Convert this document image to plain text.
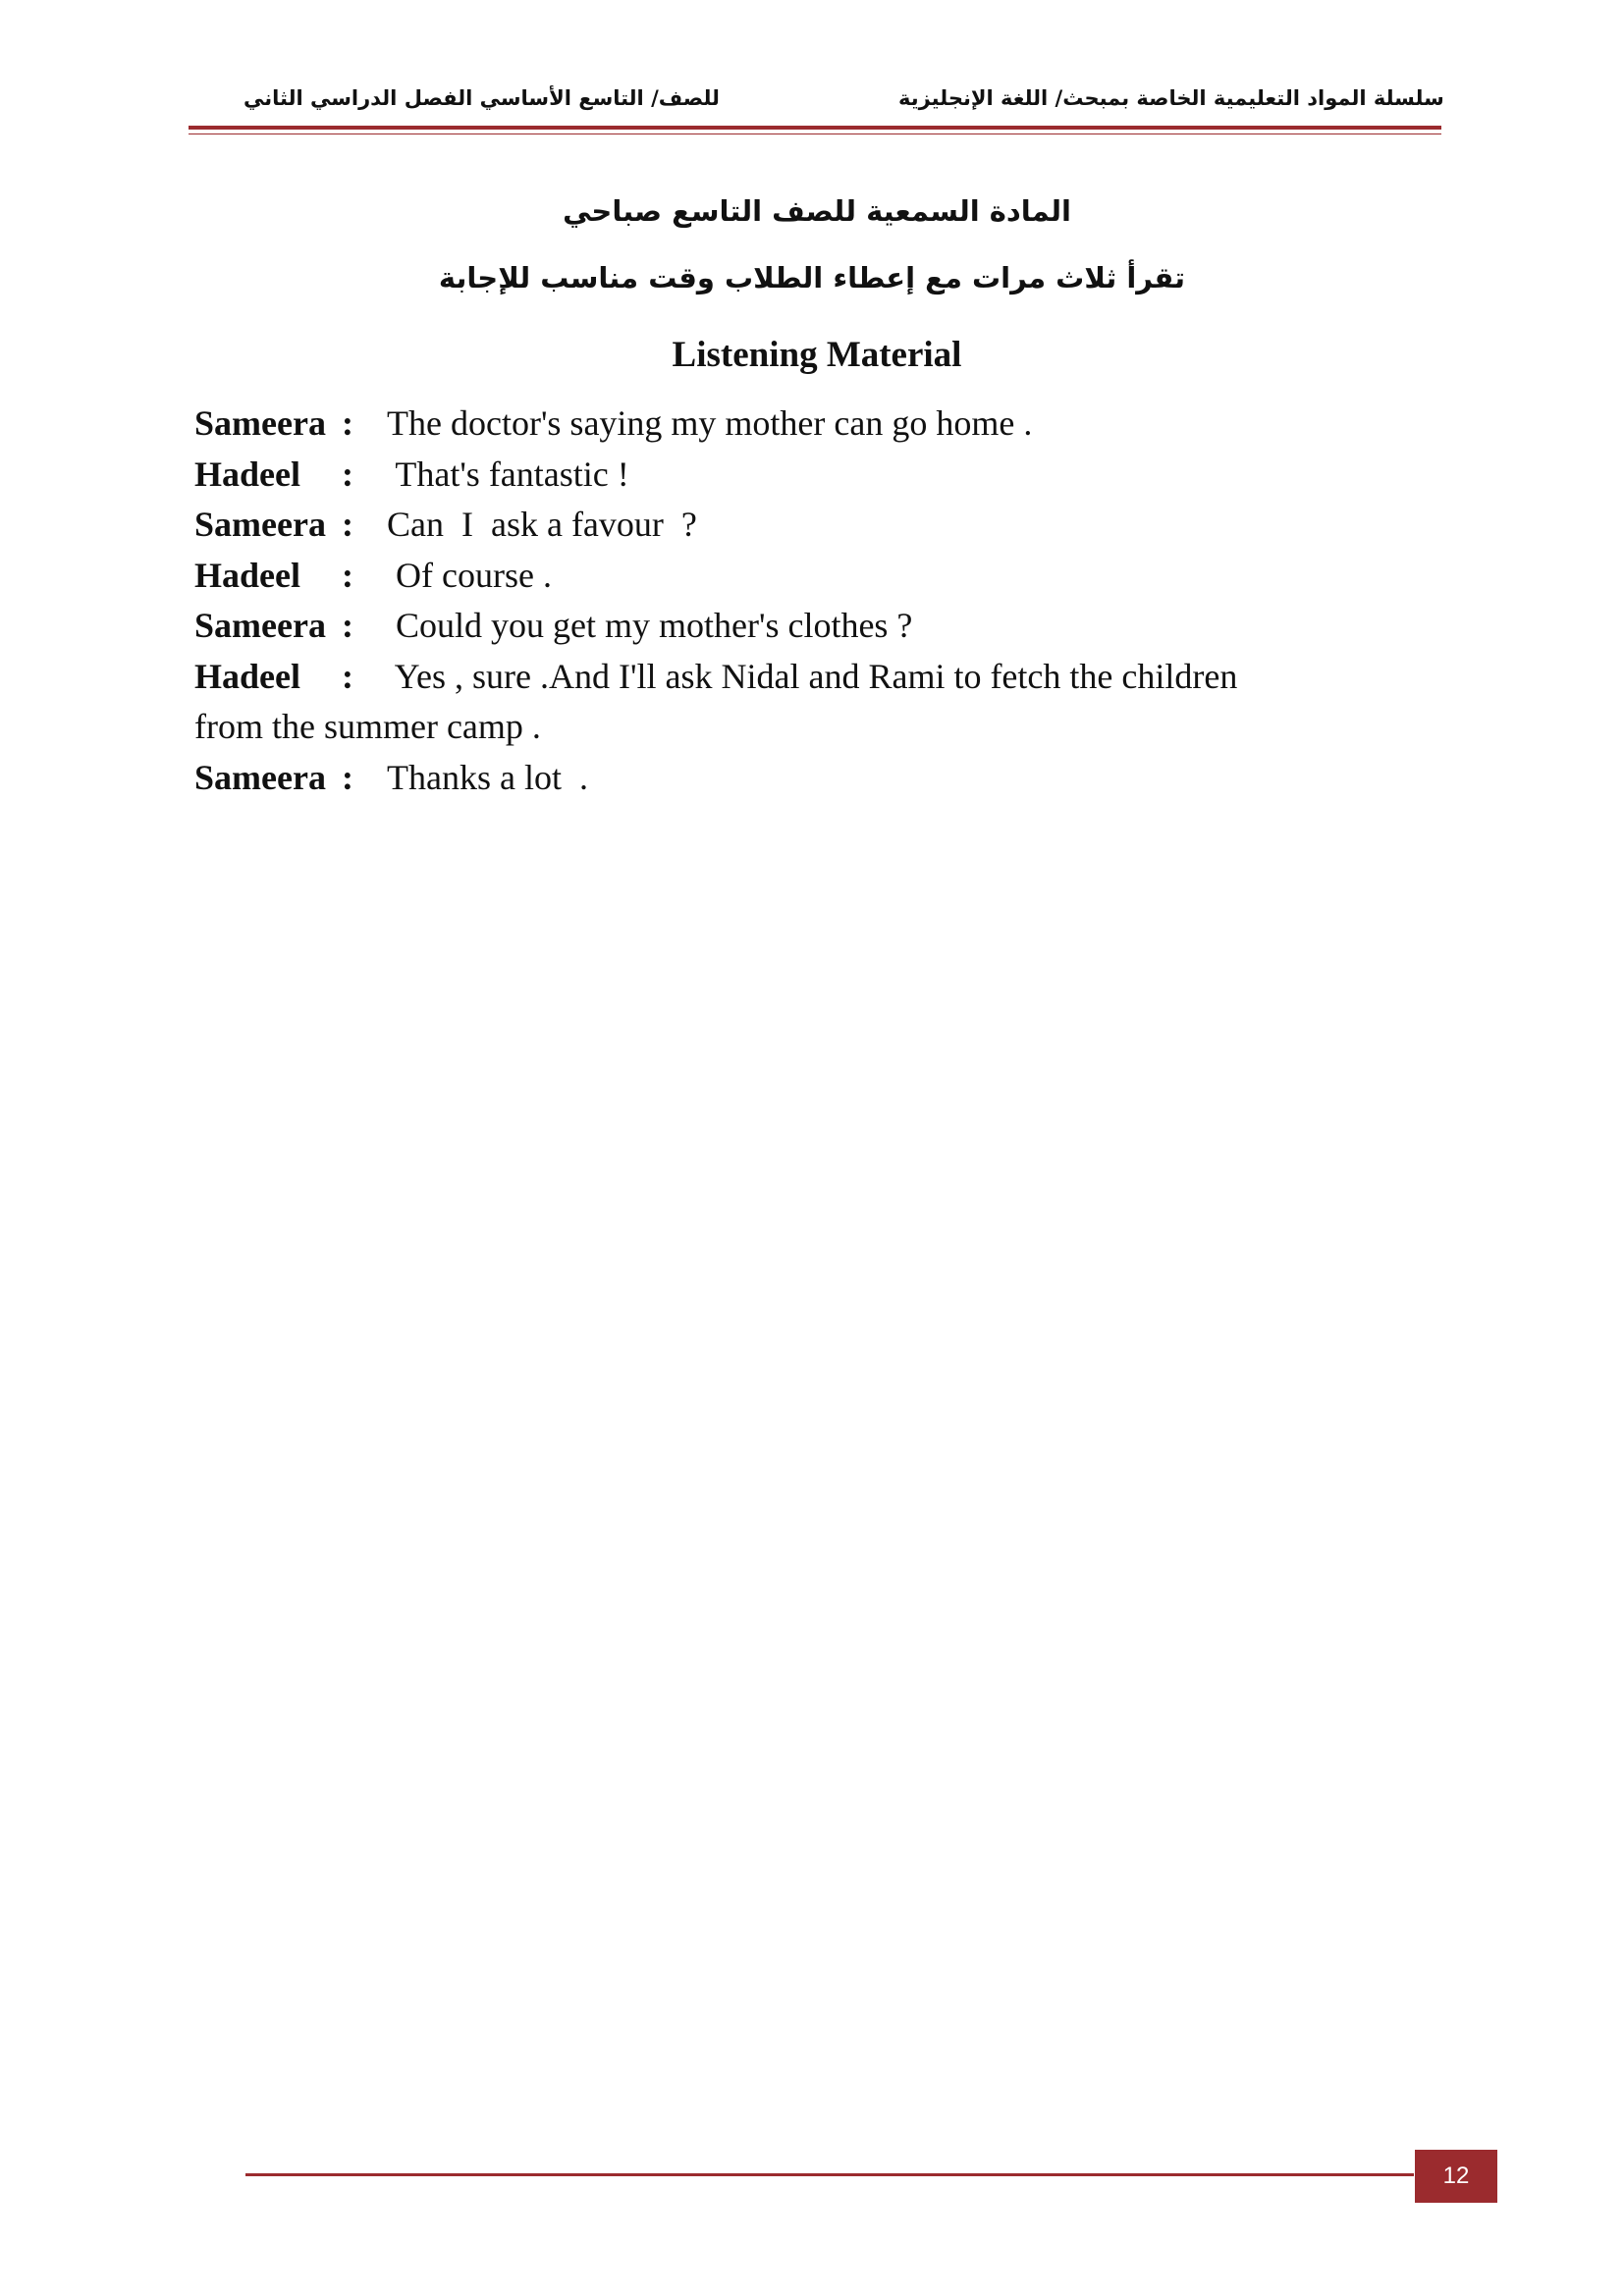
للصف/ التاسع الأساسي الفصل الدراسي الثاني	سلسلة المواد التعليمية الخاصة بمبحث/ اللغة الإنجليزية
المادة السمعية للصف التاسع صباحي
تقرأ ثلاث مرات مع إعطاء الطلاب وقت مناسب للإجابة
Listening Material
Sameera : The doctor's saying my mother can go home .
Hadeel : That's fantastic !
Sameera : Can  I  ask a favour  ?
Hadeel : Of course .
Sameera : Could you get my mother's clothes ?
Hadeel : Yes , sure .And I'll ask Nidal and Rami to fetch the children
from the summer camp .
Sameera : Thanks a lot  .
12
